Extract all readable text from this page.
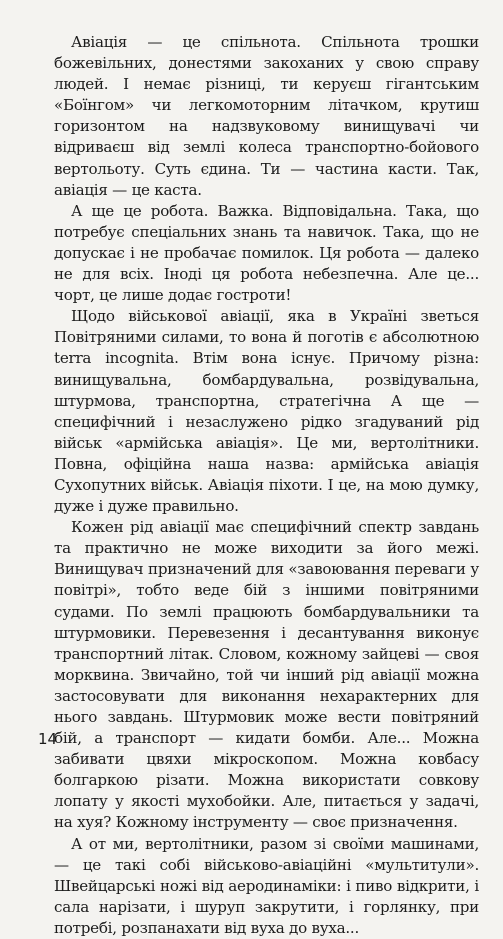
Авіація — це спільнота. Спільнота трошки божевільних, дoнестями закоханих у свою справу людей. І немає різниці, ти керуєш гігантським «Боїнгом» чи легкомоторним літачком, крутиш горизонтом на надзвуковому винищувачі чи відриваєш від землі колеса транспортно-бойового вертольоту. Суть єдина. Ти — частина касти. Так, авіація — це каста.

А ще це робота. Важка. Відповідальна. Така, що потребує спеціальних знань та навичок. Така, що не допускає і не пробачає помилок. Ця робота — далеко не для всіх. Іноді ця робота небезпечна. Але це... чорт, це лише додає гостроти!

Щодо військової авіації, яка в Україні зветься Повітряними силами, то вона й поготів є абсолютною terra incognita. Втім вона існує. Причому різна: винищувальна, бомбардувальна, розвідувальна, штурмова, транспортна, стратегічна А ще — специфічний і незаслужено рідко згадуваний рід військ «армійська авіація». Це ми, вертолітники. Повна, офіційна наша назва: армійська авіація Сухопутних військ. Авіація піхоти. І це, на мою думку, дуже і дуже правильно.

Кожен рід авіації має специфічний спектр завдань та практично не може виходити за його межі. Винищувач призначений для «завоювання переваги у повітрі», тобто веде бій з іншими повітряними судами. По землі працюють бомбардувальники та штурмовики. Перевезення і десантування виконує транспортний літак. Словом, кожному зайцеві — своя морквина. Звичайно, той чи інший рід авіації можна застосовувати для виконання нехарактерних для нього завдань. Штурмовик може вести повітряний бій, а транспорт — кидати бомби. Але... Можна забивати цвяхи мікроскопом. Можна ковбасу болгаркою різати. Можна використати совкову лопату у якості мухобойки. Але, питається у задачі, на хуя? Кожному інструменту — своє призначення.

А от ми, вертолітники, разом зі своїми машинами, — це такі собі військово-авіаційні «мультитули». Швейцарські ножі від аеродинаміки: і пиво відкрити, і сала нарізати, і шуруп закрутити, і горлянку, при потребі, розпанахати від вуха до вуха...

14
